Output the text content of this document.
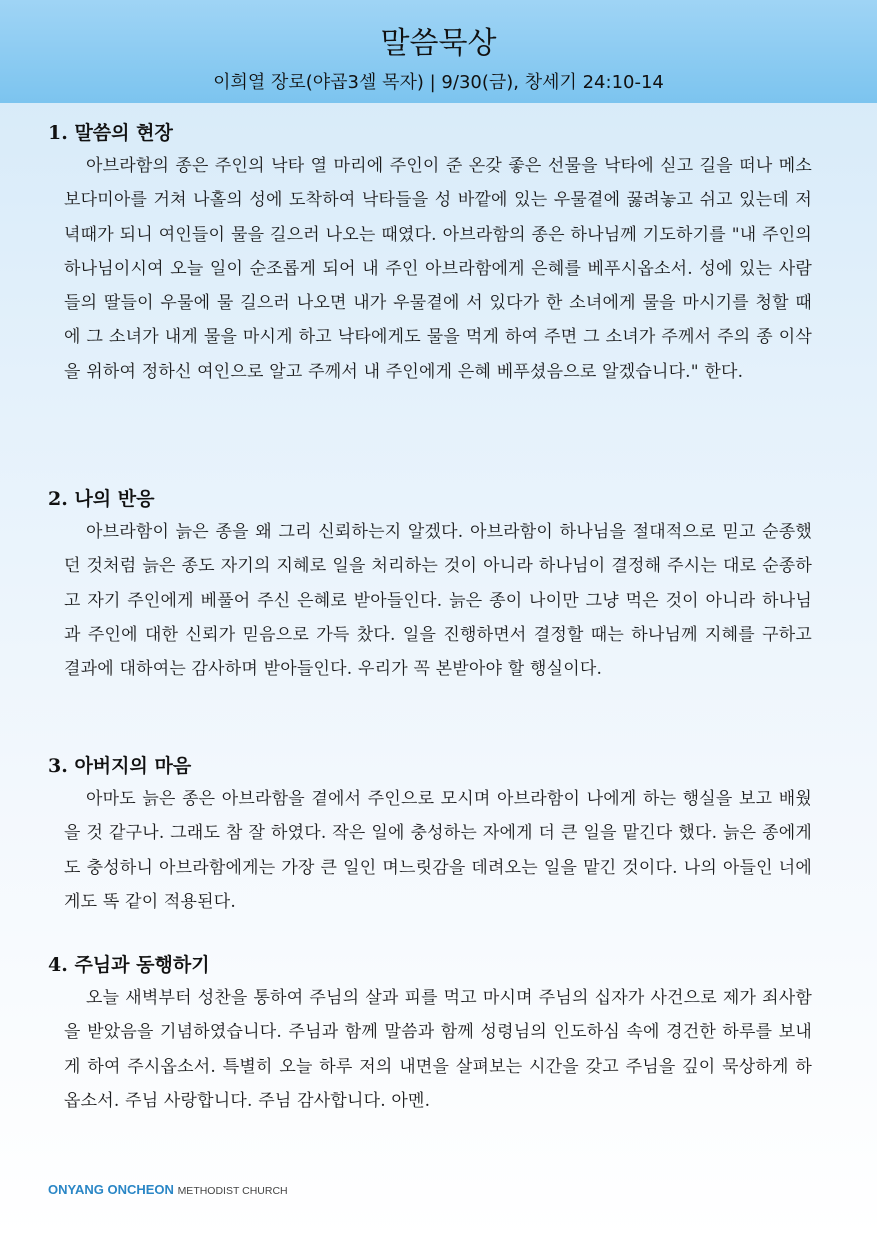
말씀묵상
이희열 장로(야곱3셀 목자) | 9/30(금), 창세기 24:10-14
1. 말씀의 현장

아브라함의 종은 주인의 낙타 열 마리에 주인이 준 온갖 좋은 선물을 낙타에 싣고 길을 떠나 메소보다미아를 거쳐 나홀의 성에 도착하여 낙타들을 성 바깥에 있는 우물곁에 꿇려놓고 쉬고 있는데 저녁때가 되니 여인들이 물을 길으러 나오는 때였다. 아브라함의 종은 하나님께 기도하기를 "내 주인의 하나님이시여 오늘 일이 순조롭게 되어 내 주인 아브라함에게 은혜를 베푸시옵소서. 성에 있는 사람들의 딸들이 우물에 물 길으러 나오면 내가 우물곁에 서 있다가 한 소녀에게 물을 마시기를 청할 때에 그 소녀가 내게 물을 마시게 하고 낙타에게도 물을 먹게 하여 주면 그 소녀가 주께서 주의 종 이삭을 위하여 정하신 여인으로 알고 주께서 내 주인에게 은혜 베푸셨음으로 알겠습니다." 한다.

2. 나의 반응

아브라함이 늙은 종을 왜 그리 신뢰하는지 알겠다. 아브라함이 하나님을 절대적으로 믿고 순종했던 것처럼 늙은 종도 자기의 지혜로 일을 처리하는 것이 아니라 하나님이 결정해 주시는 대로 순종하고 자기 주인에게 베풀어 주신 은혜로 받아들인다. 늙은 종이 나이만 그냥 먹은 것이 아니라 하나님과 주인에 대한 신뢰가 믿음으로 가득 찼다. 일을 진행하면서 결정할 때는 하나님께 지혜를 구하고 결과에 대하여는 감사하며 받아들인다. 우리가 꼭 본받아야 할 행실이다.

3. 아버지의 마음

아마도 늙은 종은 아브라함을 곁에서 주인으로 모시며 아브라함이 나에게 하는 행실을 보고 배웠을 것 같구나. 그래도 참 잘 하였다. 작은 일에 충성하는 자에게 더 큰 일을 맡긴다 했다. 늙은 종에게도 충성하니 아브라함에게는 가장 큰 일인 며느릿감을 데려오는 일을 맡긴 것이다. 나의 아들인 너에게도 똑 같이 적용된다.

4. 주님과 동행하기

오늘 새벽부터 성찬을 통하여 주님의 살과 피를 먹고 마시며 주님의 십자가 사건으로 제가 죄사함을 받았음을 기념하였습니다. 주님과 함께 말씀과 함께 성령님의 인도하심 속에 경건한 하루를 보내게 하여 주시옵소서. 특별히 오늘 하루 저의 내면을 살펴보는 시간을 갖고 주님을 깊이 묵상하게 하옵소서. 주님 사랑합니다. 주님 감사합니다. 아멘.

ONYANG ONCHEON METHODIST CHURCH
